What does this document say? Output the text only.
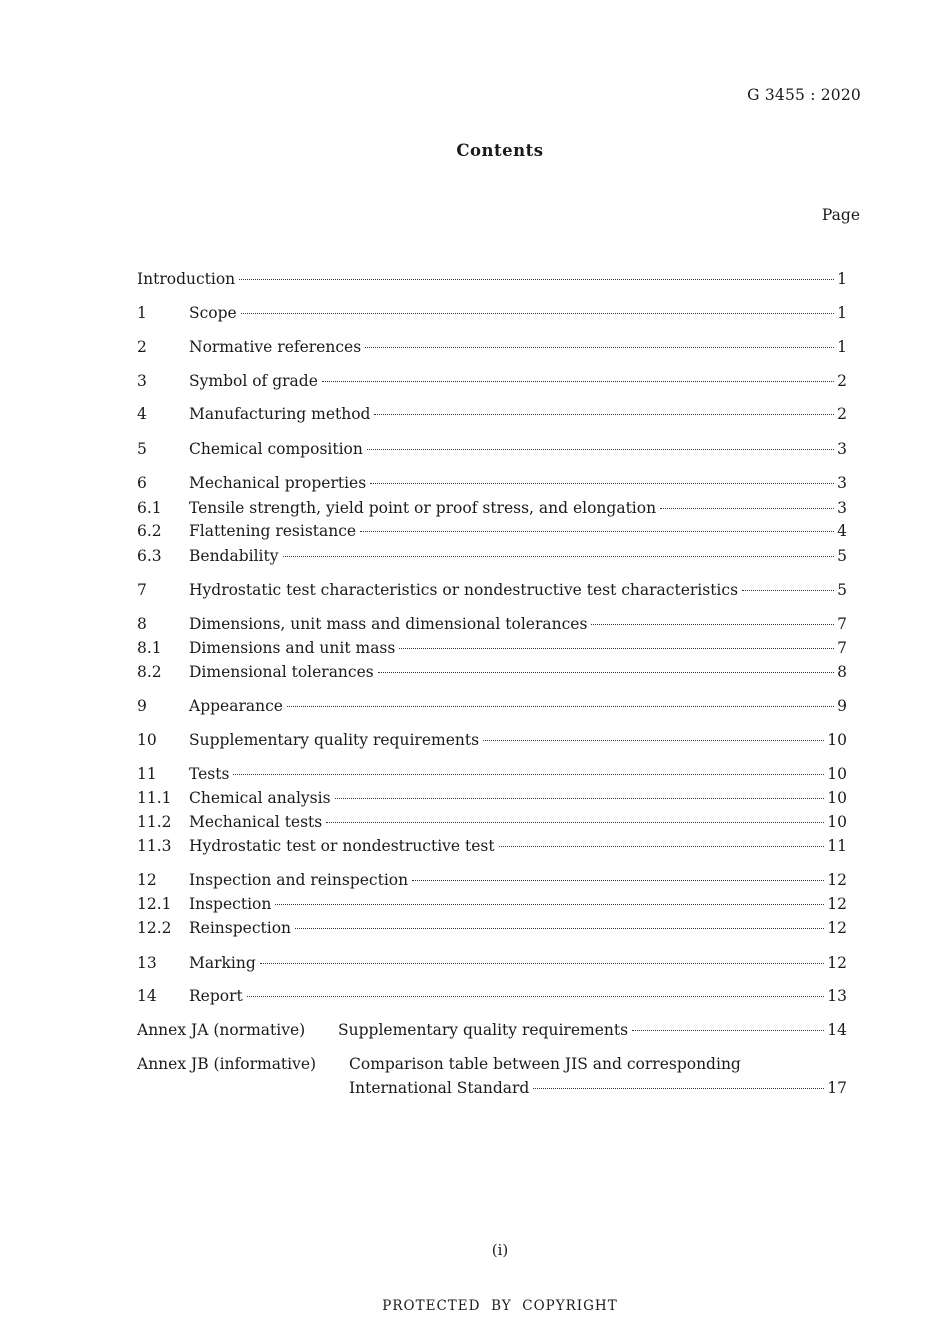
G 3455 : 2020
Contents
Page
Introduction	1
1	Scope	1
2	Normative references	1
3	Symbol of grade	2
4	Manufacturing method	2
5	Chemical composition	3
6	Mechanical properties	3
6.1 Tensile strength, yield point or proof stress, and elongation	3
6.2 Flattening resistance	4
6.3 Bendability	5
7	Hydrostatic test characteristics or nondestructive test characteristics	5
8	Dimensions, unit mass and dimensional tolerances	7
8.1 Dimensions and unit mass	7
8.2 Dimensional tolerances	8
9	Appearance	9
10 Supplementary quality requirements	10
11 Tests	10
11.1 Chemical analysis	10
11.2 Mechanical tests	10
11.3 Hydrostatic test or nondestructive test	11
12 Inspection and reinspection	12
12.1 Inspection	12
12.2 Reinspection	12
13 Marking	12
14 Report	13
Annex JA (normative) Supplementary quality requirements	14
Annex JB (informative) Comparison table between JIS and corresponding
International Standard	17
(i)
PROTECTED  BY  COPYRIGHT
